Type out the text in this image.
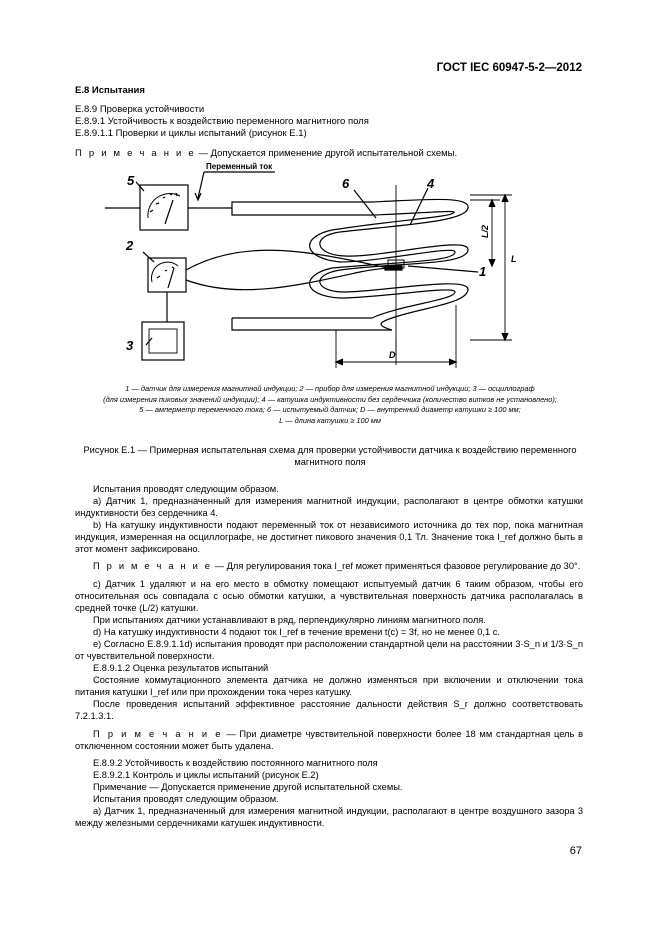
ГОСТ IEC 60947-5-2—2012
E.8 Испытания
E.8.9 Проверка устойчивости
E.8.9.1 Устойчивость к воздействию переменного магнитного поля
E.8.9.1.1 Проверки и циклы испытаний (рисунок E.1)
П р и м е ч а н и е — Допускается применение другой испытательной схемы.
Переменный ток
5
2
3
6	4
1
L/2
L
D
1 — датчик для измерения магнитной индукции; 2 — прибор для измерения магнитной индукции; 3 — осциллограф
(для измерения пиковых значений индукции); 4 — катушка индуктивности без сердечника (количество витков не установлено);
5 — амперметр переменного тока; 6 — испытуемый датчик; D — внутренний диаметр катушки ≥ 100 мм;
L — длина катушки ≥ 100 мм
Рисунок E.1 — Примерная испытательная схема для проверки устойчивости датчика к воздействию переменного
магнитного поля
Испытания проводят следующим образом.
а) Датчик 1, предназначенный для измерения магнитной индукции, располагают в центре обмотки катушки индуктивности без сердечника 4.
b) На катушку индуктивности подают переменный ток от независимого источника до тех пор, пока магнитная индукция, измеренная на осциллографе, не достигнет пикового значения 0,1 Тл. Значение тока I_ref должно быть в этот момент зафиксировано.
П р и м е ч а н и е — Для регулирования тока I_ref может применяться фазовое регулирование до 30°.
с) Датчик 1 удаляют и на его место в обмотку помещают испытуемый датчик 6 таким образом, чтобы его относительная ось совпадала с осью обмотки катушки, а чувствительная поверхность датчика располагалась в средней точке (L/2) катушки.
При испытаниях датчики устанавливают в ряд, перпендикулярно линиям магнитного поля.
d) На катушку индуктивности 4 подают ток I_ref в течение времени t(c) = 3f, но не менее 0,1 с.
е) Согласно E.8.9.1.1d) испытания проводят при расположении стандартной цели на расстоянии 3·S_n и 1/3·S_n от чувствительной поверхности.
E.8.9.1.2 Оценка результатов испытаний
Состояние коммутационного элемента датчика не должно изменяться при включении и отключении тока питания катушки I_ref или при прохождении тока через катушку.
После проведения испытаний эффективное расстояние дальности действия S_r должно соответствовать 7.2.1.3.1.
П р и м е ч а н и е — При диаметре чувствительной поверхности более 18 мм стандартная цель в отключенном состоянии может быть удалена.
E.8.9.2 Устойчивость к воздействию постоянного магнитного поля
E.8.9.2.1 Контроль и циклы испытаний (рисунок E.2)
Примечание — Допускается применение другой испытательной схемы.
Испытания проводят следующим образом.
а) Датчик 1, предназначенный для измерения магнитной индукции, располагают в центре воздушного зазора 3 между железными сердечниками катушек индуктивности.
67
